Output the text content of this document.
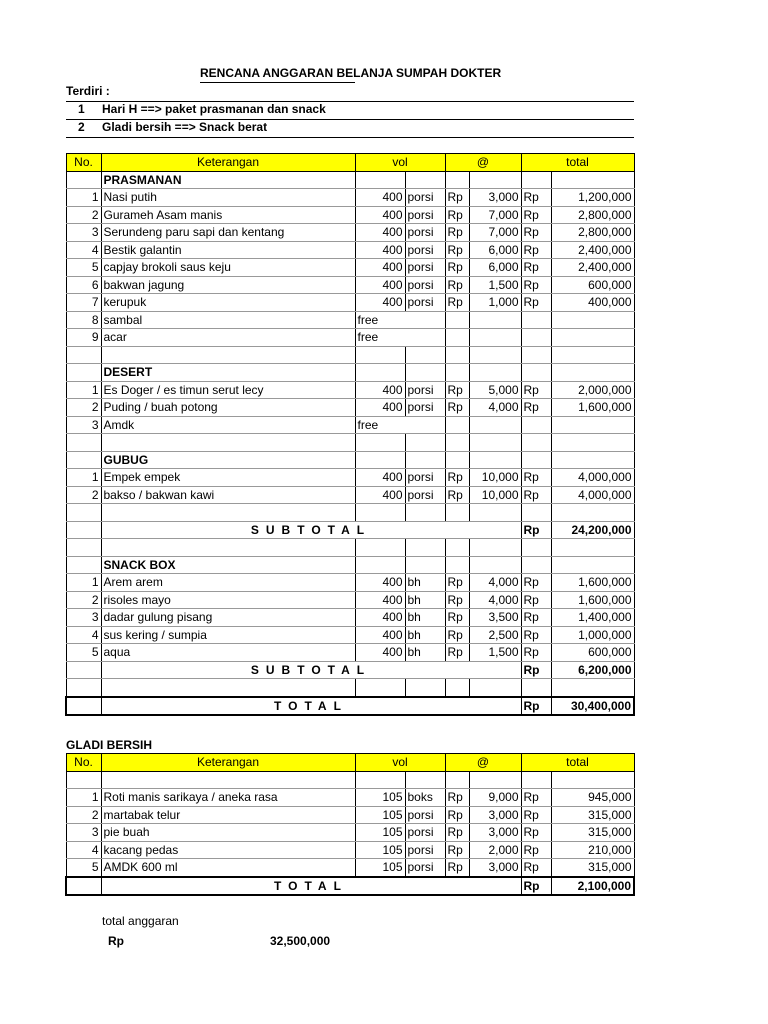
RENCANA ANGGARAN BELANJA SUMPAH DOKTER
Terdiri :
1 Hari H ==> paket prasmanan dan snack
2 Gladi bersih ==> Snack berat
No.	Keterangan	vol		@		total	
	PRASMANAN						
1	Nasi putih	400	porsi	Rp	3,000	Rp	1,200,000
2	Gurameh Asam manis	400	porsi	Rp	7,000	Rp	2,800,000
3	Serundeng paru sapi dan kentang	400	porsi	Rp	7,000	Rp	2,800,000
4	Bestik galantin	400	porsi	Rp	6,000	Rp	2,400,000
5	capjay brokoli saus keju	400	porsi	Rp	6,000	Rp	2,400,000
6	bakwan jagung	400	porsi	Rp	1,500	Rp	600,000
7	kerupuk	400	porsi	Rp	1,000	Rp	400,000
8	sambal	free					
9	acar	free					

	DESERT						
1	Es Doger / es timun serut lecy	400	porsi	Rp	5,000	Rp	2,000,000
2	Puding / buah potong	400	porsi	Rp	4,000	Rp	1,600,000
3	Amdk	free					

	GUBUG						
1	Empek empek	400	porsi	Rp	10,000	Rp	4,000,000
2	bakso / bakwan kawi	400	porsi	Rp	10,000	Rp	4,000,000

	SUBTOTAL					Rp	24,200,000

	SNACK BOX						
1	Arem arem	400	bh	Rp	4,000	Rp	1,600,000
2	risoles mayo	400	bh	Rp	4,000	Rp	1,600,000
3	dadar gulung pisang	400	bh	Rp	3,500	Rp	1,400,000
4	sus kering / sumpia	400	bh	Rp	2,500	Rp	1,000,000
5	aqua	400	bh	Rp	1,500	Rp	600,000
	SUBTOTAL					Rp	6,200,000

	TOTAL					Rp	30,400,000
GLADI BERSIH
No.	Keterangan	vol		@		total	

1	Roti manis sarikaya / aneka rasa	105	boks	Rp	9,000	Rp	945,000
2	martabak telur	105	porsi	Rp	3,000	Rp	315,000
3	pie buah	105	porsi	Rp	3,000	Rp	315,000
4	kacang pedas	105	porsi	Rp	2,000	Rp	210,000
5	AMDK 600 ml	105	porsi	Rp	3,000	Rp	315,000
	TOTAL					Rp	2,100,000
total anggaran
Rp	32,500,000
